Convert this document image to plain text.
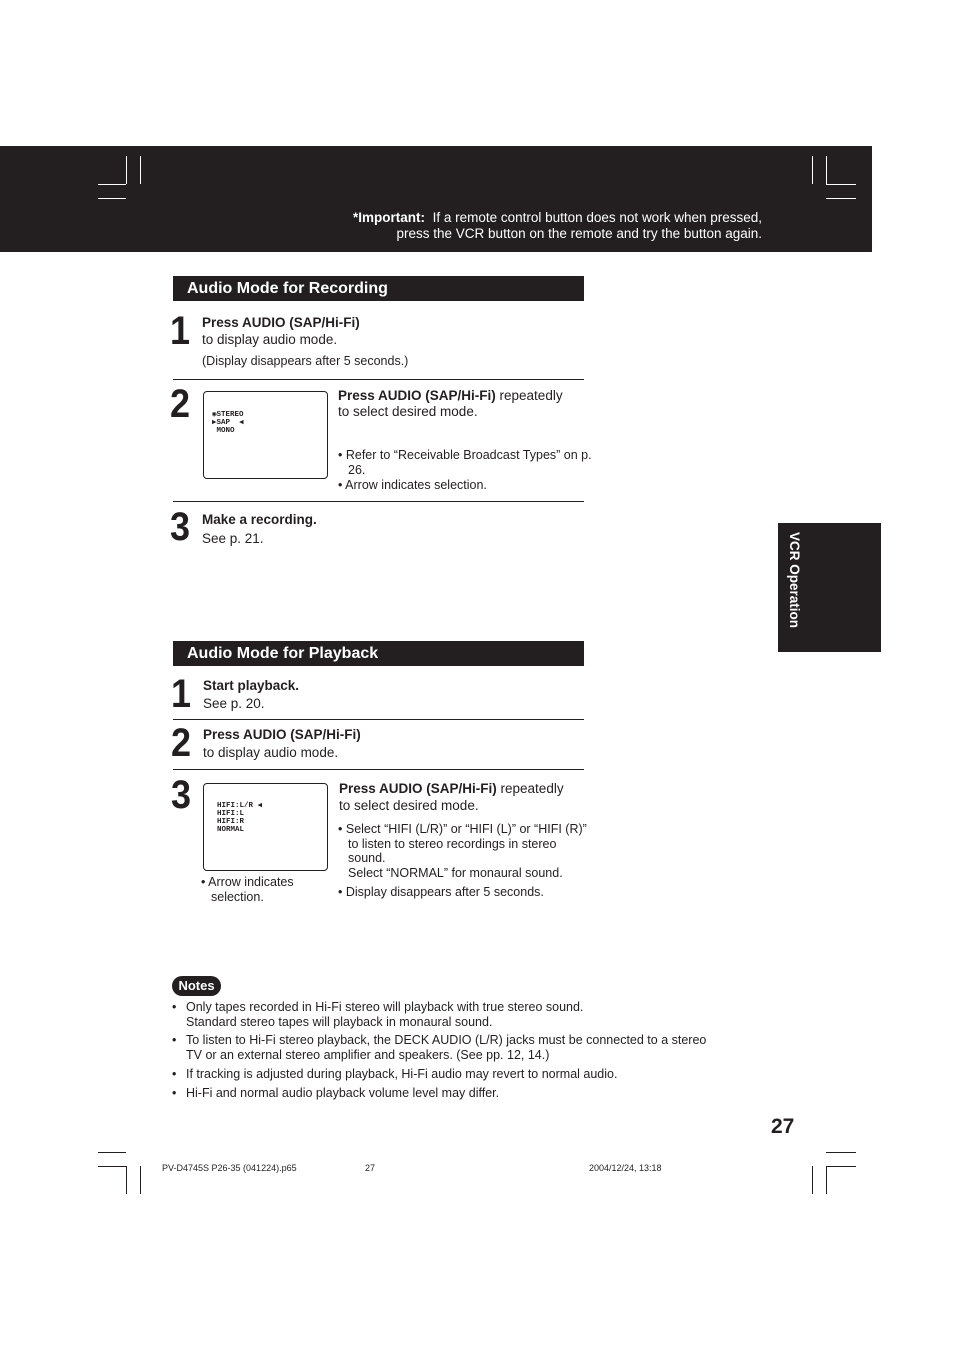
*Important: If a remote control button does not work when pressed,
press the VCR button on the remote and try the button again.
Audio Mode for Recording
1 Press AUDIO (SAP/Hi-Fi)
to display audio mode.
(Display disappears after 5 seconds.)
2	◉STEREO
▶SAP ◀
MONO
Press AUDIO (SAP/Hi-Fi) repeatedly
to select desired mode.
• Refer to “Receivable Broadcast Types” on p. 26.
• Arrow indicates selection.
3 Make a recording.
See p. 21.	VCR Operation
Audio Mode for Playback
1 Start playback.
See p. 20.
2 Press AUDIO (SAP/Hi-Fi)
to display audio mode.
3	HIFI:L/R ◀
HIFI:L
HIFI:R
NORMAL
• Arrow indicates selection.
Press AUDIO (SAP/Hi-Fi) repeatedly
to select desired mode.
• Select “HIFI (L/R)” or “HIFI (L)” or “HIFI (R)” to listen to stereo recordings in stereo sound.
Select “NORMAL” for monaural sound.
• Display disappears after 5 seconds.
Notes
• Only tapes recorded in Hi-Fi stereo will playback with true stereo sound.
Standard stereo tapes will playback in monaural sound.
• To listen to Hi-Fi stereo playback, the DECK AUDIO (L/R) jacks must be connected to a stereo
TV or an external stereo amplifier and speakers. (See pp. 12, 14.)
• If tracking is adjusted during playback, Hi-Fi audio may revert to normal audio.
• Hi-Fi and normal audio playback volume level may differ.
27
PV-D4745S P26-35 (041224).p65	27	2004/12/24, 13:18
